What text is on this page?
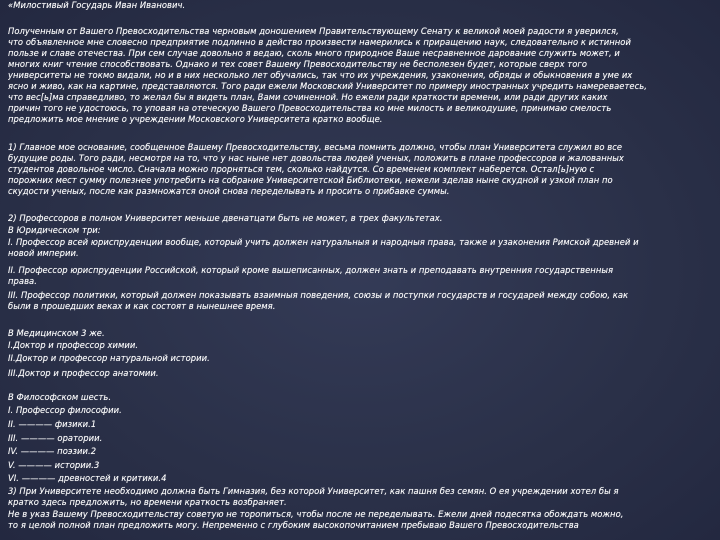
«Милостивый Государь Иван Иванович.
Полученным от Вашего Превосходительства черновым доношением Правительствующему Сенату к великой моей радости я уверился,
что объявленное мне словесно предприятие подлинно в действо произвести намерились к приращению наук, следовательно к истинной
пользе и славе отечества. При сем случае довольно я ведаю, сколь много природное Ваше несравненное дарование служить может, и
многих книг чтение способствовать. Однако и тех совет Вашему Превосходительству не бесполезен будет, которые сверх того
университеты не токмо видали, но и в них несколько лет обучались, так что их учреждения, узаконения, обряды и обыкновения в уме их
ясно и живо, как на картине, представляются. Того ради ежели Московский Университет по примеру иностранных учредить намереваетесь,
что вес[ь]ма справедливо, то желал бы я видеть план, Вами сочиненной. Но ежели ради краткости времени, или ради других каких
причин того не удостоюсь, то уповая на отеческую Вашего Превосходительства ко мне милость и великодушие, принимаю смелость
предложить мое мнение о учреждении Московского Университета кратко вообще.
1) Главное мое основание, сообщенное Вашему Превосходительству, весьма помнить должно, чтобы план Университета служил во все
будущие роды. Того ради, несмотря на то, что у нас ныне нет довольства людей ученых, положить в плане профессоров и жалованных
студентов довольное число. Сначала можно прорняться тем, сколько найдутся. Со временем комплект наберется. Остал[ь]ную с
порожних мест сумму полезнее употребить на собрание Университетской Библиотеки, нежели зделав ныне скудной и узкой план по
скудости ученых, после как размножатся оной снова переделывать и просить о прибавке суммы.
2) Профессоров в полном Университет меньше двенатцати быть не может, в трех факультетах.
В Юридическом три:
I. Профессор всей юриспруденции вообще, который учить должен натуральныя и народныя права, также и узаконения Римской древней и
новой империи.
II. Профессор юриспруденции Российской, который кроме вышеписанных, должен знать и преподавать внутренния государственныя
права.
III. Профессор политики, который должен показывать взаимныя поведения, союзы и поступки государств и государей между собою, как
были в прошедших веках и как состоят в нынешнее время.
В Медицинском 3 же.
I.Доктор и профессор химии.
II.Доктор и профессор натуральной истории.
III.Доктор и профессор анатомии.
В Философском шесть.
I. Профессор философии.
II. ———— физики.1
III. ———— оратории.
IV. ———— поэзии.2
V. ———— истории.3
VI. ———— древностей и критики.4
3) При Университете необходимо должна быть Гимназия, без которой Университет, как пашня без семян. О ея учреждении хотел бы я
кратко здесь предложить, но времени краткость возбраняет.
Не в указ Вашему Превосходительству советую не торопиться, чтобы после не переделывать. Ежели дней подесятка обождать можно,
то я целой полной план предложить могу. Непременно с глубоким высокопочитанием пребываю Вашего Превосходительства
